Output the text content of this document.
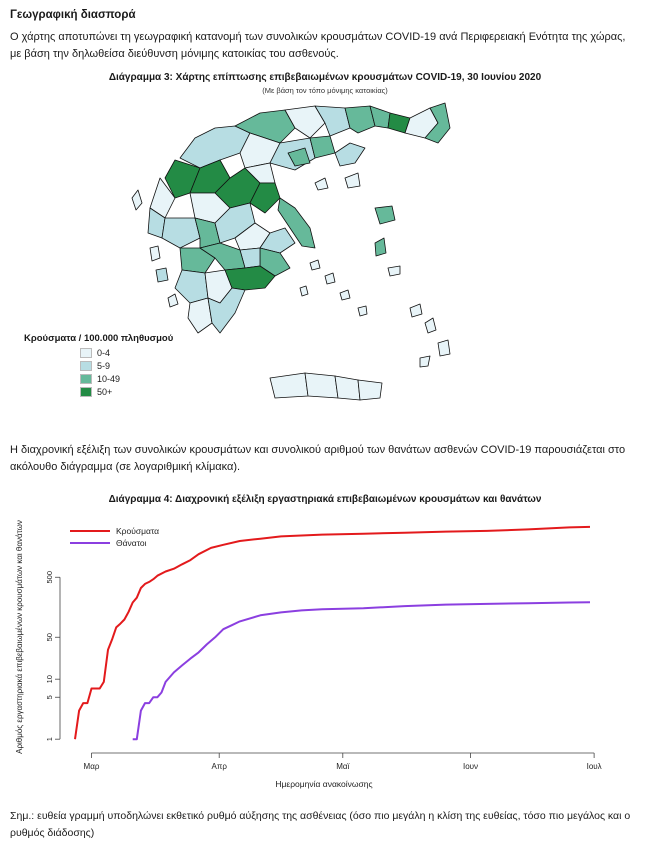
Γεωγραφική διασπορά
Ο χάρτης αποτυπώνει τη γεωγραφική κατανομή των συνολικών κρουσμάτων COVID-19 ανά Περιφερειακή Ενότητα της χώρας, με βάση την δηλωθείσα διεύθυνση μόνιμης κατοικίας του ασθενούς.
Διάγραμμα 3: Χάρτης επίπτωσης επιβεβαιωμένων κρουσμάτων COVID-19, 30 Ιουνίου 2020
(Με βάση τον τόπο μόνιμης κατοικίας)
Κρούσματα / 100.000 πληθυσμού
0-4
5-9
10-49
50+
Η διαχρονική εξέλιξη των συνολικών κρουσμάτων και συνολικού αριθμού των θανάτων ασθενών COVID-19 παρουσιάζεται στο ακόλουθο διάγραμμα (σε λογαριθμική κλίμακα).
Διάγραμμα 4: Διαχρονική εξέλιξη εργαστηριακά επιβεβαιωμένων κρουσμάτων και θανάτων
1
5
10
50
500
Μαρ	Απρ	Μαϊ	Ιουν	Ιουλ
Κρούσματα
Θάνατοι
Ημερομηνία ανακοίνωσης
Αριθμός εργαστηριακά επιβεβαιωμένων κρουσμάτων και θανάτων
Σημ.: ευθεία γραμμή υποδηλώνει εκθετικό ρυθμό αύξησης της ασθένειας (όσο πιο μεγάλη η κλίση της ευθείας, τόσο πιο μεγάλος και ο ρυθμός διάδοσης)
